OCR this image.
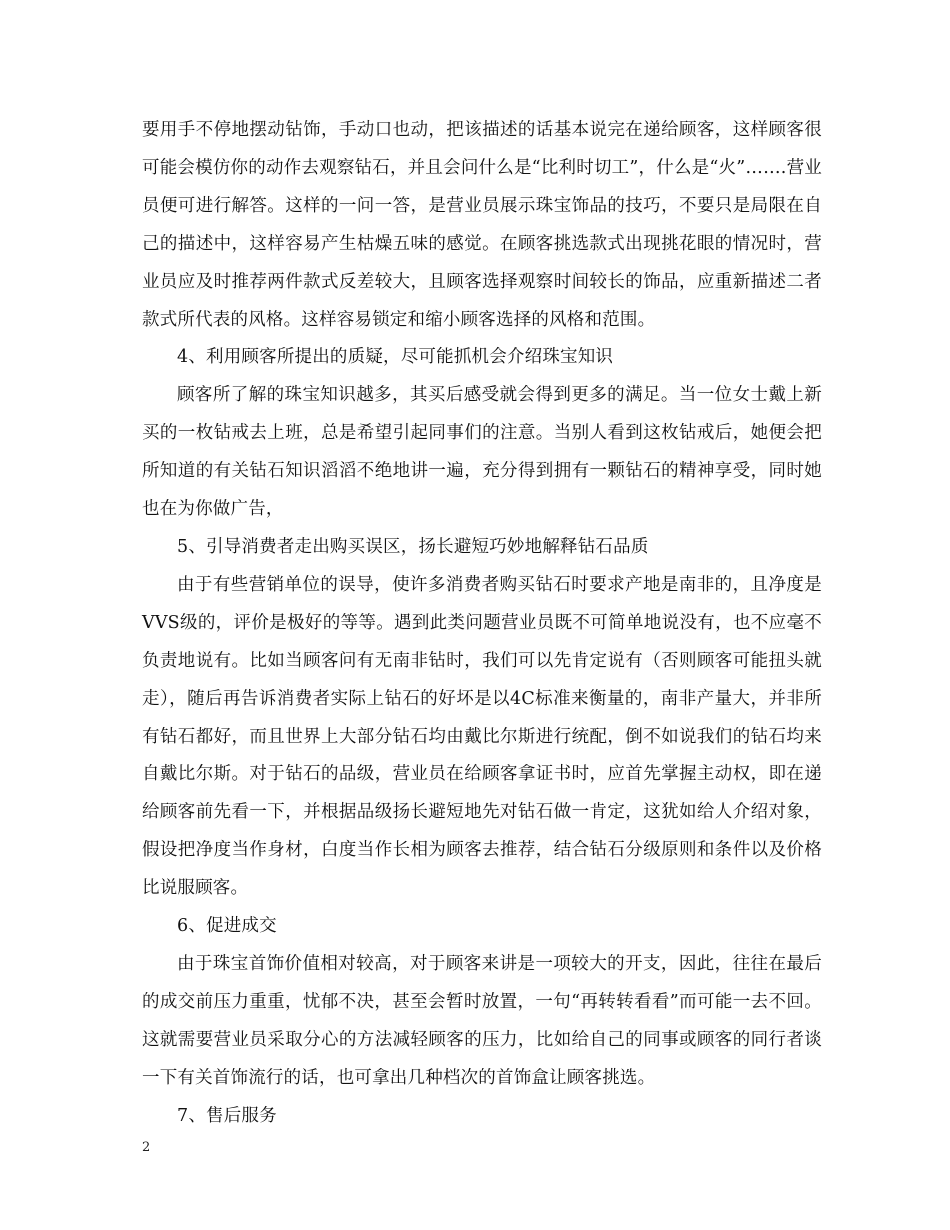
要用手不停地摆动钻饰，手动口也动，把该描述的话基本说完在递给顾客，这样顾客很可能会模仿你的动作去观察钻石，并且会问什么是“比利时切工”，什么是“火”…….营业员便可进行解答。这样的一问一答，是营业员展示珠宝饰品的技巧，不要只是局限在自己的描述中，这样容易产生枯燥五味的感觉。在顾客挑选款式出现挑花眼的情况时，营业员应及时推荐两件款式反差较大，且顾客选择观察时间较长的饰品，应重新描述二者款式所代表的风格。这样容易锁定和缩小顾客选择的风格和范围。

4、利用顾客所提出的质疑，尽可能抓机会介绍珠宝知识

顾客所了解的珠宝知识越多，其买后感受就会得到更多的满足。当一位女士戴上新买的一枚钻戒去上班，总是希望引起同事们的注意。当别人看到这枚钻戒后，她便会把所知道的有关钻石知识滔滔不绝地讲一遍，充分得到拥有一颗钻石的精神享受，同时她也在为你做广告，

5、引导消费者走出购买误区，扬长避短巧妙地解释钻石品质

由于有些营销单位的误导，使许多消费者购买钻石时要求产地是南非的，且净度是VVS级的，评价是极好的等等。遇到此类问题营业员既不可简单地说没有，也不应毫不负责地说有。比如当顾客问有无南非钻时，我们可以先肯定说有（否则顾客可能扭头就走），随后再告诉消费者实际上钻石的好坏是以4C标准来衡量的，南非产量大，并非所有钻石都好，而且世界上大部分钻石均由戴比尔斯进行统配，倒不如说我们的钻石均来自戴比尔斯。对于钻石的品级，营业员在给顾客拿证书时，应首先掌握主动权，即在递给顾客前先看一下，并根据品级扬长避短地先对钻石做一肯定，这犹如给人介绍对象，假设把净度当作身材，白度当作长相为顾客去推荐，结合钻石分级原则和条件以及价格比说服顾客。

6、促进成交

由于珠宝首饰价值相对较高，对于顾客来讲是一项较大的开支，因此，往往在最后的成交前压力重重，忧郁不决，甚至会暂时放置，一句“再转转看看”而可能一去不回。这就需要营业员采取分心的方法减轻顾客的压力，比如给自己的同事或顾客的同行者谈一下有关首饰流行的话，也可拿出几种档次的首饰盒让顾客挑选。

7、售后服务

2
